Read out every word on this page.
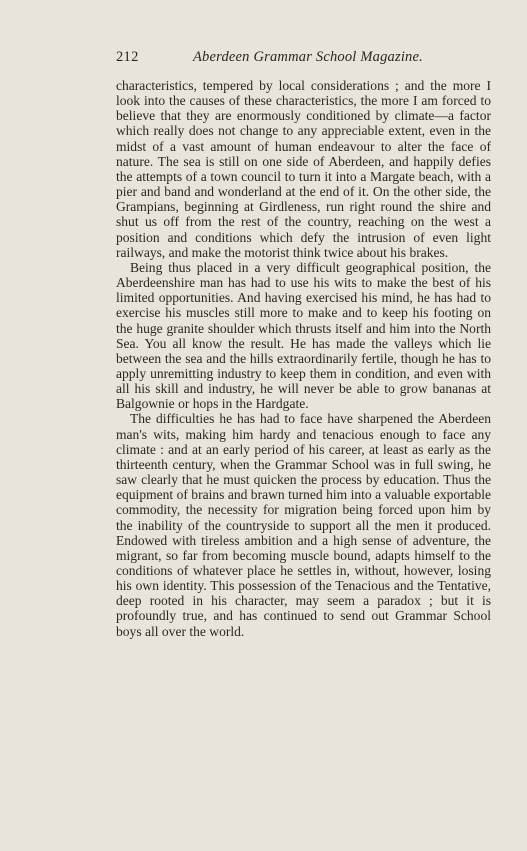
212	Aberdeen Grammar School Magazine.

characteristics, tempered by local considerations ; and the more I look into the causes of these characteristics, the more I am forced to believe that they are enormously conditioned by climate—a factor which really does not change to any appreciable extent, even in the midst of a vast amount of human endeavour to alter the face of nature. The sea is still on one side of Aberdeen, and happily defies the attempts of a town council to turn it into a Margate beach, with a pier and band and wonderland at the end of it. On the other side, the Grampians, beginning at Girdleness, run right round the shire and shut us off from the rest of the country, reaching on the west a position and conditions which defy the intrusion of even light railways, and make the motorist think twice about his brakes.

Being thus placed in a very difficult geographical position, the Aberdeenshire man has had to use his wits to make the best of his limited opportunities. And having exercised his mind, he has had to exercise his muscles still more to make and to keep his footing on the huge granite shoulder which thrusts itself and him into the North Sea. You all know the result. He has made the valleys which lie between the sea and the hills extraordinarily fertile, though he has to apply unremitting industry to keep them in condition, and even with all his skill and industry, he will never be able to grow bananas at Balgownie or hops in the Hardgate.

The difficulties he has had to face have sharpened the Aberdeen man's wits, making him hardy and tenacious enough to face any climate : and at an early period of his career, at least as early as the thirteenth century, when the Grammar School was in full swing, he saw clearly that he must quicken the process by education. Thus the equipment of brains and brawn turned him into a valuable exportable commodity, the necessity for migration being forced upon him by the inability of the countryside to support all the men it produced. Endowed with tireless ambition and a high sense of adventure, the migrant, so far from becoming muscle bound, adapts himself to the conditions of whatever place he settles in, without, however, losing his own identity. This possession of the Tenacious and the Tentative, deep rooted in his character, may seem a paradox ; but it is profoundly true, and has continued to send out Grammar School boys all over the world.
